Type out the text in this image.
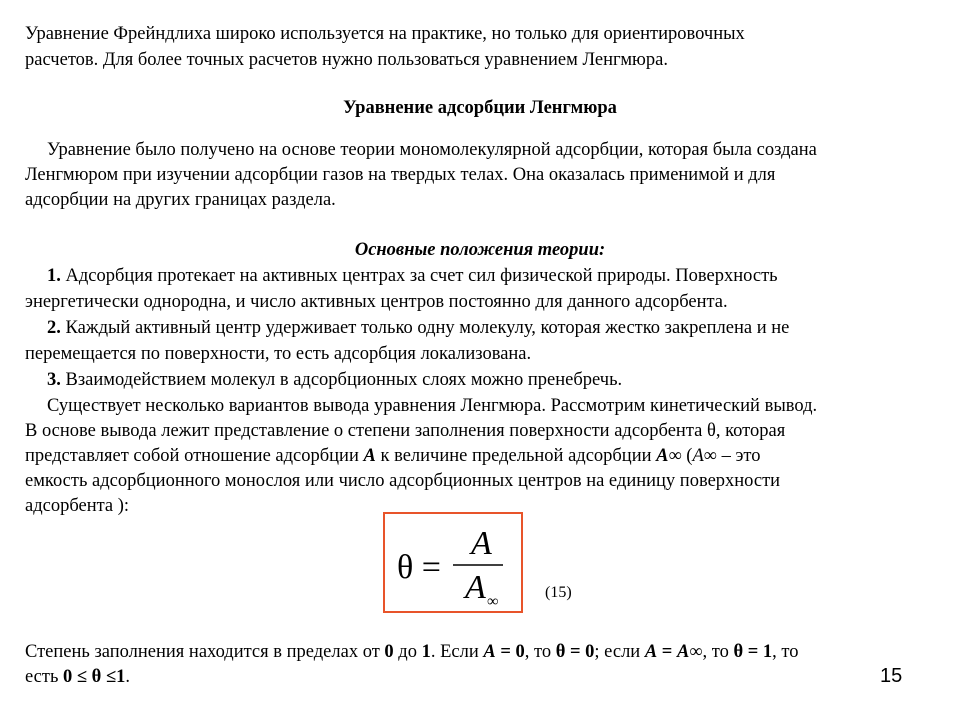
Уравнение Фрейндлиха широко используется на практике, но только для ориентировочных
расчетов. Для более точных расчетов нужно пользоваться уравнением Ленгмюра.
Уравнение адсорбции Ленгмюра
Уравнение было получено на основе теории мономолекулярной адсорбции, которая была создана
Ленгмюром при изучении адсорбции газов на твердых телах. Она оказалась применимой и для
адсорбции на других границах раздела.
Основные положения теории:
1. Адсорбция протекает на активных центрах за счет сил физической природы. Поверхность
энергетически однородна, и число активных центров постоянно для данного адсорбента.
2. Каждый активный центр удерживает только одну молекулу, которая жестко закреплена и не
перемещается по поверхности, то есть адсорбция локализована.
3. Взаимодействием молекул в адсорбционных слоях можно пренебречь.
Существует несколько вариантов вывода уравнения Ленгмюра. Рассмотрим кинетический вывод.
В основе вывода лежит представление о степени заполнения поверхности адсорбента θ, которая
представляет собой отношение адсорбции А к величине предельной адсорбции А∞ (А∞ – это
емкость адсорбционного монослоя или число адсорбционных центров на единицу поверхности
адсорбента ):
θ =
A
A ∞
(15)
Степень заполнения находится в пределах от 0 до 1. Если А = 0, то θ = 0; если А = А∞, то θ = 1, то
есть 0 ≤ θ ≤1.	15
